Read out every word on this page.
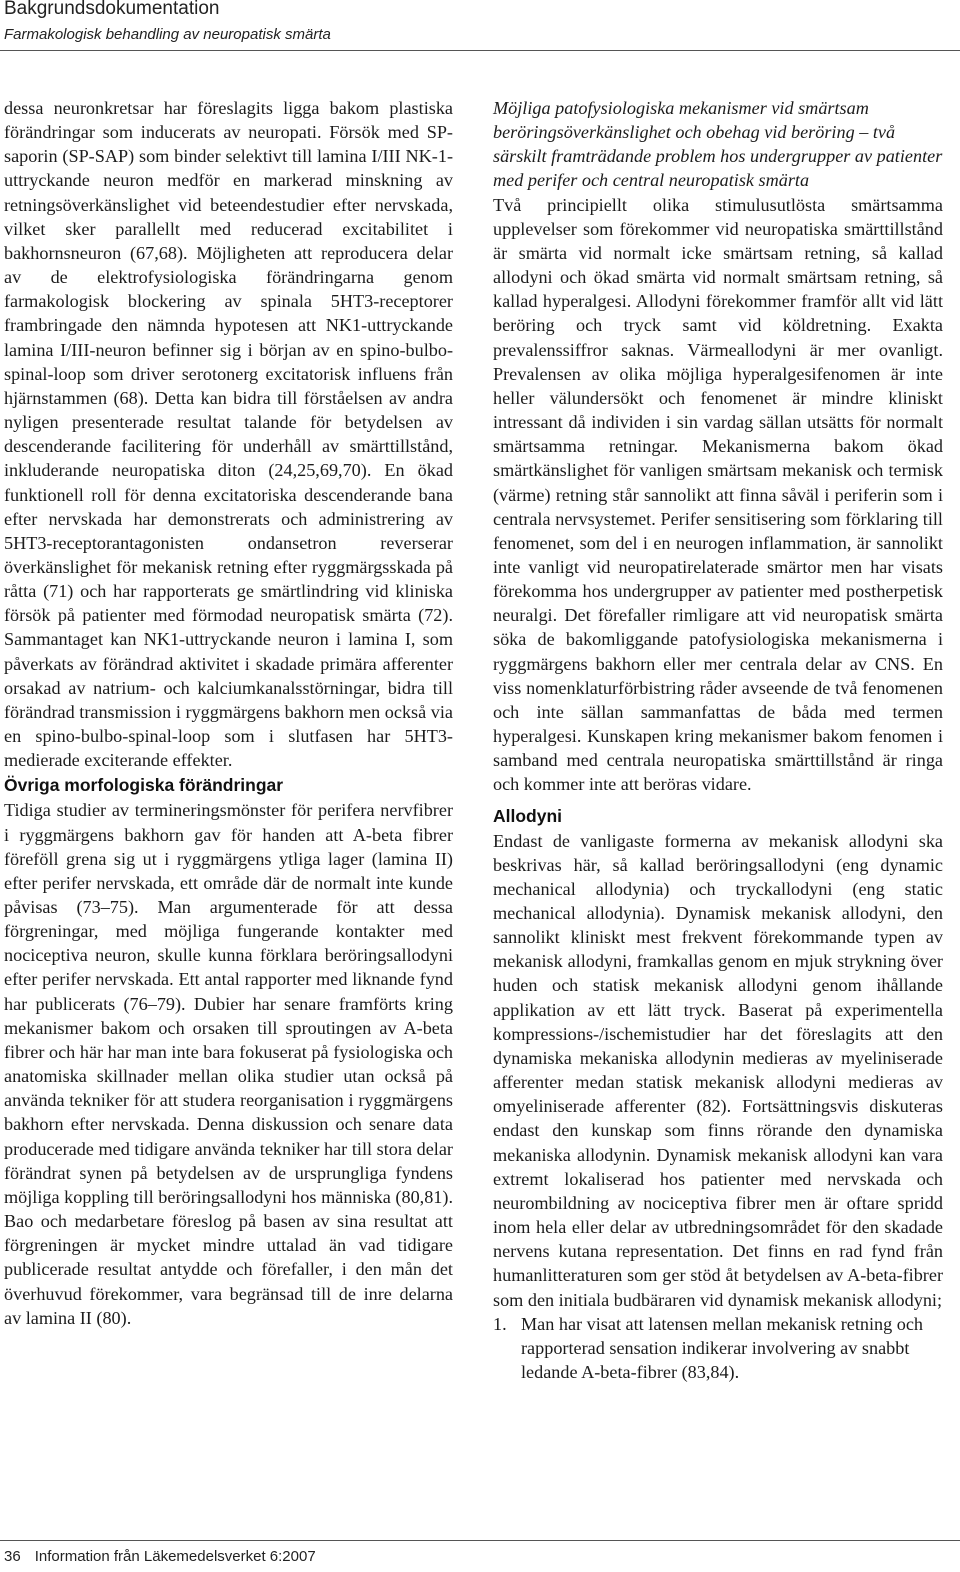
Bakgrundsdokumentation
Farmakologisk behandling av neuropatisk smärta

dessa neuronkretsar har föreslagits ligga bakom plastiska förändringar som inducerats av neuropati. Försök med SP-saporin (SP-SAP) som binder selektivt till lamina I/III NK-1-uttryckande neuron medför en markerad minskning av retningsöverkänslighet vid beteendestudier efter nervskada, vilket sker parallellt med reducerad excitabilitet i bakhornsneuron (67,68). Möjligheten att reproducera delar av de elektrofysiologiska förändringarna genom farmakologisk blockering av spinala 5HT3-receptorer frambringade den nämnda hypotesen att NK1-uttryckande lamina I/III-neuron befinner sig i början av en spino-bulbo-spinal-loop som driver serotonerg excitatorisk influens från hjärnstammen (68). Detta kan bidra till förståelsen av andra nyligen presenterade resultat talande för betydelsen av descenderande facilitering för underhåll av smärttillstånd, inkluderande neuropatiska diton (24,25,69,70). En ökad funktionell roll för denna excitatoriska descenderande bana efter nervskada har demonstrerats och administrering av 5HT3-receptorantagonisten ondansetron reverserar överkänslighet för mekanisk retning efter ryggmärgsskada på råtta (71) och har rapporterats ge smärtlindring vid kliniska försök på patienter med förmodad neuropatisk smärta (72). Sammantaget kan NK1-uttryckande neuron i lamina I, som påverkats av förändrad aktivitet i skadade primära afferenter orsakad av natrium- och kalciumkanalsstörningar, bidra till förändrad transmission i ryggmärgens bakhorn men också via en spino-bulbo-spinal-loop som i slutfasen har 5HT3-medierade exciterande effekter.

Övriga morfologiska förändringar

Tidiga studier av termineringsmönster för perifera nervfibrer i ryggmärgens bakhorn gav för handen att A-beta fibrer föreföll grena sig ut i ryggmärgens ytliga lager (lamina II) efter perifer nervskada, ett område där de normalt inte kunde påvisas (73–75). Man argumenterade för att dessa förgreningar, med möjliga fungerande kontakter med nociceptiva neuron, skulle kunna förklara beröringsallodyni efter perifer nervskada. Ett antal rapporter med liknande fynd har publicerats (76–79). Dubier har senare framförts kring mekanismer bakom och orsaken till sproutingen av A-beta fibrer och här har man inte bara fokuserat på fysiologiska och anatomiska skillnader mellan olika studier utan också på använda tekniker för att studera reorganisation i ryggmärgens bakhorn efter nervskada. Denna diskussion och senare data producerade med tidigare använda tekniker har till stora delar förändrat synen på betydelsen av de ursprungliga fyndens möjliga koppling till beröringsallodyni hos människa (80,81). Bao och medarbetare föreslog på basen av sina resultat att förgreningen är mycket mindre uttalad än vad tidigare publicerade resultat antydde och förefaller, i den mån det överhuvud förekommer, vara begränsad till de inre delarna av lamina II (80).

Möjliga patofysiologiska mekanismer vid smärtsam beröringsöverkänslighet och obehag vid beröring – två särskilt framträdande problem hos undergrupper av patienter med perifer och central neuropatisk smärta

Två principiellt olika stimulusutlösta smärtsamma upplevelser som förekommer vid neuropatiska smärttillstånd är smärta vid normalt icke smärtsam retning, så kallad allodyni och ökad smärta vid normalt smärtsam retning, så kallad hyperalgesi. Allodyni förekommer framför allt vid lätt beröring och tryck samt vid köldretning. Exakta prevalenssiffror saknas. Värmeallodyni är mer ovanligt. Prevalensen av olika möjliga hyperalgesifenomen är inte heller välundersökt och fenomenet är mindre kliniskt intressant då individen i sin vardag sällan utsätts för normalt smärtsamma retningar. Mekanismerna bakom ökad smärtkänslighet för vanligen smärtsam mekanisk och termisk (värme) retning står sannolikt att finna såväl i periferin som i centrala nervsystemet. Perifer sensitisering som förklaring till fenomenet, som del i en neurogen inflammation, är sannolikt inte vanligt vid neuropatirelaterade smärtor men har visats förekomma hos undergrupper av patienter med postherpetisk neuralgi. Det förefaller rimligare att vid neuropatisk smärta söka de bakomliggande patofysiologiska mekanismerna i ryggmärgens bakhorn eller mer centrala delar av CNS. En viss nomenklaturförbistring råder avseende de två fenomenen och inte sällan sammanfattas de båda med termen hyperalgesi. Kunskapen kring mekanismer bakom fenomen i samband med centrala neuropatiska smärttillstånd är ringa och kommer inte att beröras vidare.

Allodyni

Endast de vanligaste formerna av mekanisk allodyni ska beskrivas här, så kallad beröringsallodyni (eng dynamic mechanical allodynia) och tryckallodyni (eng static mechanical allodynia). Dynamisk mekanisk allodyni, den sannolikt kliniskt mest frekvent förekommande typen av mekanisk allodyni, framkallas genom en mjuk strykning över huden och statisk mekanisk allodyni genom ihållande applikation av ett lätt tryck. Baserat på experimentella kompressions-/ischemistudier har det föreslagits att den dynamiska mekaniska allodynin medieras av myeliniserade afferenter medan statisk mekanisk allodyni medieras av omyeliniserade afferenter (82). Fortsättningsvis diskuteras endast den kunskap som finns rörande den dynamiska mekaniska allodynin. Dynamisk mekanisk allodyni kan vara extremt lokaliserad hos patienter med nervskada och neurombildning av nociceptiva fibrer men är oftare spridd inom hela eller delar av utbredningsområdet för den skadade nervens kutana representation. Det finns en rad fynd från humanlitteraturen som ger stöd åt betydelsen av A-beta-fibrer som den initiala budbäraren vid dynamisk mekanisk allodyni;

1. Man har visat att latensen mellan mekanisk retning och rapporterad sensation indikerar involvering av snabbt ledande A-beta-fibrer (83,84).
36 Information från Läkemedelsverket 6:2007
